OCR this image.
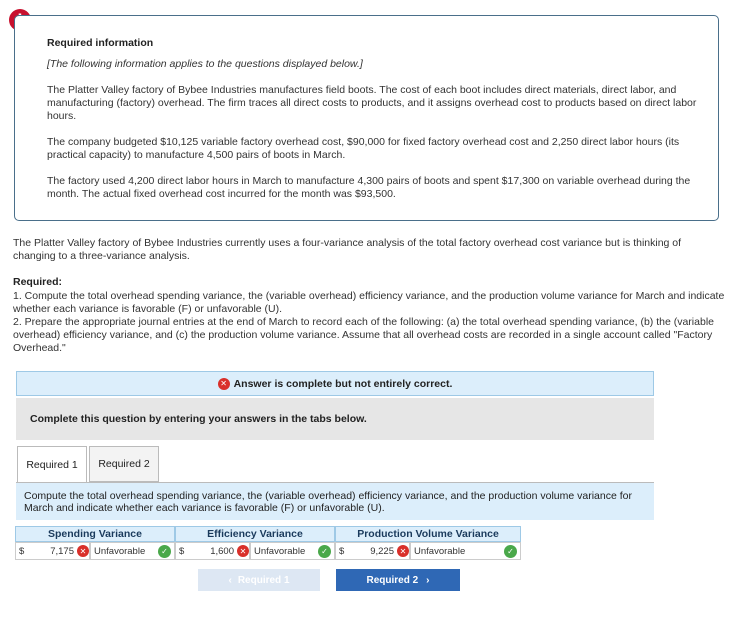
Required information
[The following information applies to the questions displayed below.]

The Platter Valley factory of Bybee Industries manufactures field boots. The cost of each boot includes direct materials, direct labor, and manufacturing (factory) overhead. The firm traces all direct costs to products, and it assigns overhead cost to products based on direct labor hours.

The company budgeted $10,125 variable factory overhead cost, $90,000 for fixed factory overhead cost and 2,250 direct labor hours (its practical capacity) to manufacture 4,500 pairs of boots in March.

The factory used 4,200 direct labor hours in March to manufacture 4,300 pairs of boots and spent $17,300 on variable overhead during the month. The actual fixed overhead cost incurred for the month was $93,500.

The Platter Valley factory of Bybee Industries currently uses a four-variance analysis of the total factory overhead cost variance but is thinking of changing to a three-variance analysis.

Required:

1. Compute the total overhead spending variance, the (variable overhead) efficiency variance, and the production volume variance for March and indicate whether each variance is favorable (F) or unfavorable (U).

2. Prepare the appropriate journal entries at the end of March to record each of the following: (a) the total overhead spending variance, (b) the (variable overhead) efficiency variance, and (c) the production volume variance. Assume that all overhead costs are recorded in a single account called "Factory Overhead."

✕ Answer is complete but not entirely correct.
Complete this question by entering your answers in the tabs below.
Required 1 Required 2
Compute the total overhead spending variance, the (variable overhead) efficiency variance, and the production volume variance for March and indicate whether each variance is favorable (F) or unfavorable (U).
Spending Variance	Efficiency Variance	Production Volume Variance
$	7,175 ✕ Unfavorable	✓	$	1,600 ✕ Unfavorable	✓	$	9,225 ✕ Unfavorable	✓
‹ Required 1	Required 2 ›
